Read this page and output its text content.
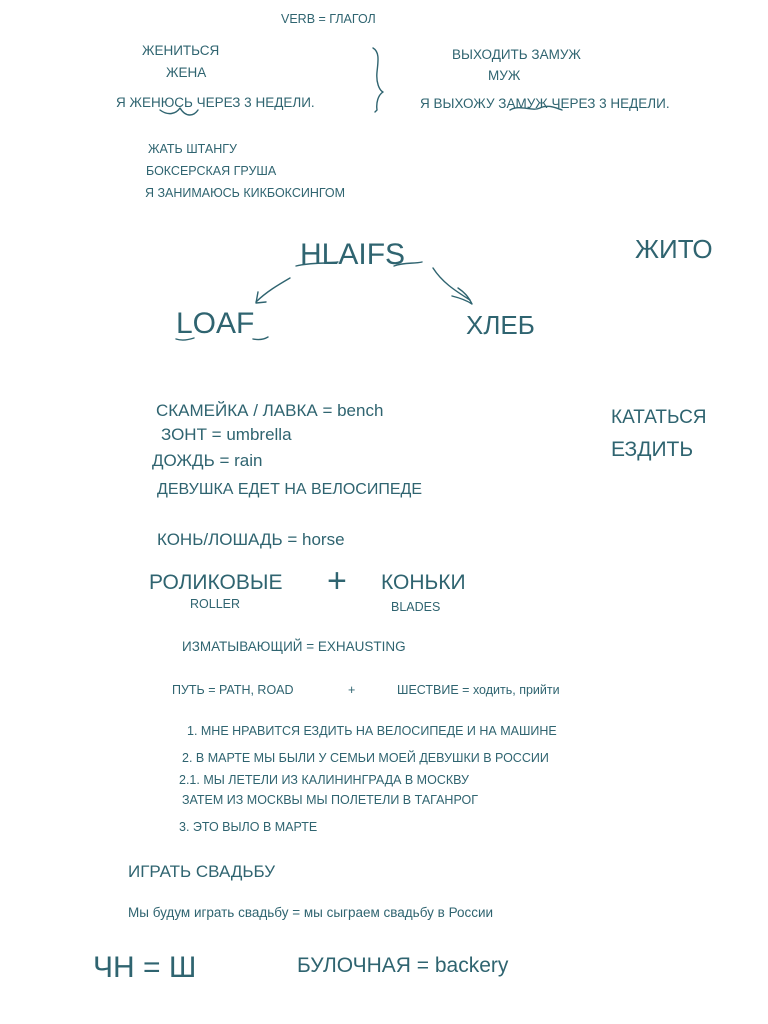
VERB = ГЛАГОЛ
ЖЕНИТЬСЯ
ЖЕНА
Я ЖЕНЮСЬ ЧЕРЕЗ 3 НЕДЕЛИ.
ВЫХОДИТЬ ЗАМУЖ
МУЖ
Я ВЫХОЖУ ЗАМУЖ ЧЕРЕЗ 3 НЕДЕЛИ.
ЖАТЬ ШТАНГУ
БОКСЕРСКАЯ ГРУША
Я ЗАНИМАЮСЬ КИКБОКСИНГОМ
HLAIFS
LOAF	ХЛЕБ
ЖИТО
СКАМЕЙКА / ЛАВКА = bench
ЗОНТ = umbrella
ДОЖДЬ = rain
ДЕВУШКА ЕДЕТ НА ВЕЛОСИПЕДЕ
КАТАТЬСЯ
ЕЗДИТЬ
КОНЬ/ЛОШАДЬ = horse
РОЛИКОВЫЕ + КОНЬКИ
ROLLER	BLADES
ИЗМАТЫВАЮЩИЙ = EXHAUSTING
ПУТЬ = PATH, ROAD	+	ШЕСТВИЕ = ходить, прийти
1. МНЕ НРАВИТСЯ ЕЗДИТЬ НА ВЕЛОСИПЕДЕ И НА МАШИНЕ
2. В МАРТЕ МЫ БЫЛИ У СЕМЬИ МОЕЙ ДЕВУШКИ В РОССИИ
2.1. МЫ ЛЕТЕЛИ ИЗ КАЛИНИНГРАДА В МОСКВУ
ЗАТЕМ ИЗ МОСКВЫ МЫ ПОЛЕТЕЛИ В ТАГАНРОГ
3. ЭТО ВЫЛО В МАРТЕ
ИГРАТЬ СВАДЬБУ
Мы будум играть свадьбу = мы сыграем свадьбу в России
ЧН = Ш	БУЛОЧНАЯ = backery
